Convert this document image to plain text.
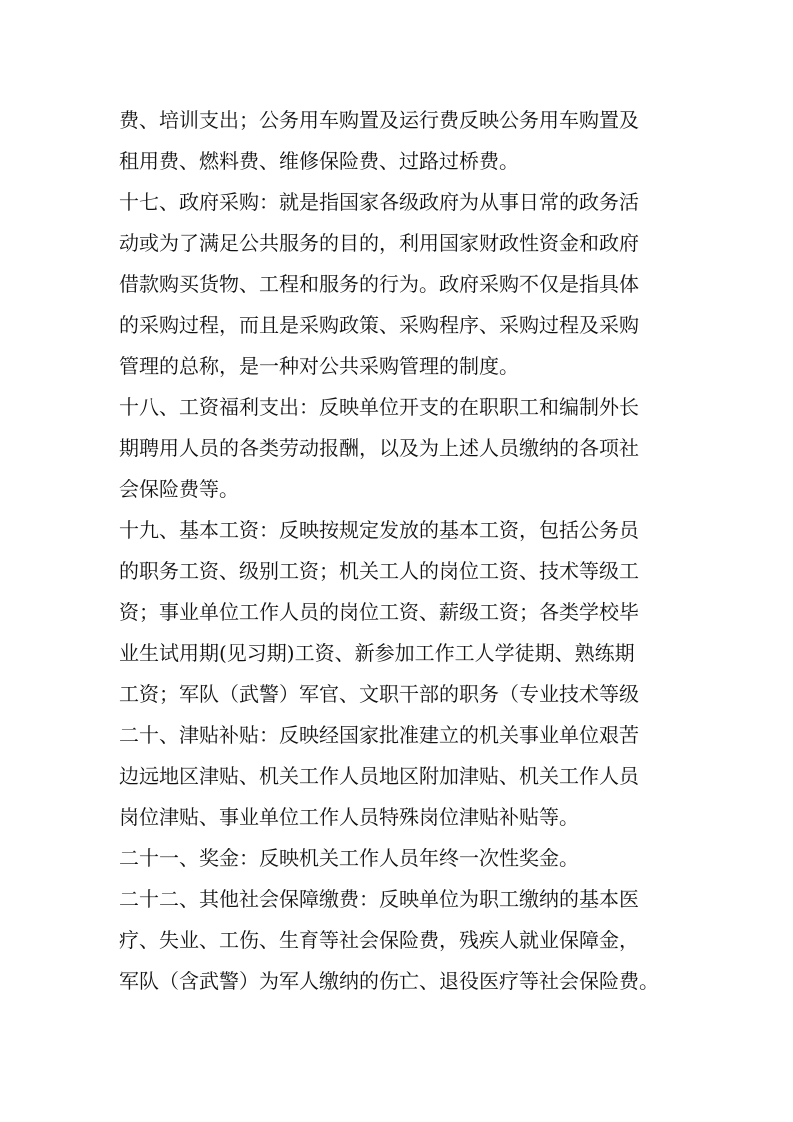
费、培训支出；公务用车购置及运行费反映公务用车购置及
租用费、燃料费、维修保险费、过路过桥费。
十七、政府采购：就是指国家各级政府为从事日常的政务活
动或为了满足公共服务的目的，利用国家财政性资金和政府
借款购买货物、工程和服务的行为。政府采购不仅是指具体
的采购过程，而且是采购政策、采购程序、采购过程及采购
管理的总称，是一种对公共采购管理的制度。
十八、工资福利支出：反映单位开支的在职职工和编制外长
期聘用人员的各类劳动报酬，以及为上述人员缴纳的各项社
会保险费等。
十九、基本工资：反映按规定发放的基本工资，包括公务员
的职务工资、级别工资；机关工人的岗位工资、技术等级工
资；事业单位工作人员的岗位工资、薪级工资；各类学校毕
业生试用期(见习期)工资、新参加工作工人学徒期、熟练期
工资；军队（武警）军官、文职干部的职务（专业技术等级
二十、津贴补贴：反映经国家批准建立的机关事业单位艰苦
边远地区津贴、机关工作人员地区附加津贴、机关工作人员
岗位津贴、事业单位工作人员特殊岗位津贴补贴等。
二十一、奖金：反映机关工作人员年终一次性奖金。
二十二、其他社会保障缴费：反映单位为职工缴纳的基本医
疗、失业、工伤、生育等社会保险费，残疾人就业保障金，
军队（含武警）为军人缴纳的伤亡、退役医疗等社会保险费。
